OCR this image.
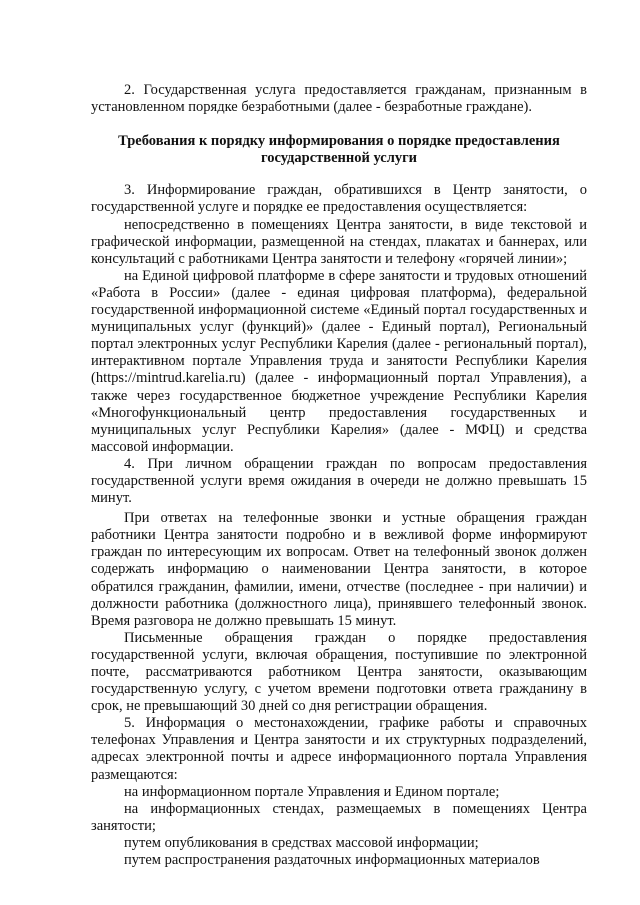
2. Государственная услуга предоставляется гражданам, признанным в установленном порядке безработными (далее - безработные граждане).

Требования к порядку информирования о порядке предоставления
государственной услуги

3. Информирование граждан, обратившихся в Центр занятости, о государственной услуге и порядке ее предоставления осуществляется:

непосредственно в помещениях Центра занятости, в виде текстовой и графической информации, размещенной на стендах, плакатах и баннерах, или консультаций с работниками Центра занятости и телефону «горячей линии»;

на Единой цифровой платформе в сфере занятости и трудовых отношений «Работа в России» (далее - единая цифровая платформа), федеральной государственной информационной системе «Единый портал государственных и муниципальных услуг (функций)» (далее - Единый портал), Региональный портал электронных услуг Республики Карелия (далее - региональный портал), интерактивном портале Управления труда и занятости Республики Карелия (https://mintrud.karelia.ru) (далее - информационный портал Управления), а также через государственное бюджетное учреждение Республики Карелия «Многофункциональный центр предоставления государственных и муниципальных услуг Республики Карелия» (далее - МФЦ) и средства массовой информации.

4. При личном обращении граждан по вопросам предоставления государственной услуги время ожидания в очереди не должно превышать 15 минут.

При ответах на телефонные звонки и устные обращения граждан работники Центра занятости подробно и в вежливой форме информируют граждан по интересующим их вопросам. Ответ на телефонный звонок должен содержать информацию о наименовании Центра занятости, в которое обратился гражданин, фамилии, имени, отчестве (последнее - при наличии) и должности работника (должностного лица), принявшего телефонный звонок. Время разговора не должно превышать 15 минут.

Письменные обращения граждан о порядке предоставления государственной услуги, включая обращения, поступившие по электронной почте, рассматриваются работником Центра занятости, оказывающим государственную услугу, с учетом времени подготовки ответа гражданину в срок, не превышающий 30 дней со дня регистрации обращения.

5. Информация о местонахождении, графике работы и справочных телефонах Управления и Центра занятости и их структурных подразделений, адресах электронной почты и адресе информационного портала Управления размещаются:

на информационном портале Управления и Едином портале;

на информационных стендах, размещаемых в помещениях Центра занятости;

путем опубликования в средствах массовой информации;

путем распространения раздаточных информационных материалов
